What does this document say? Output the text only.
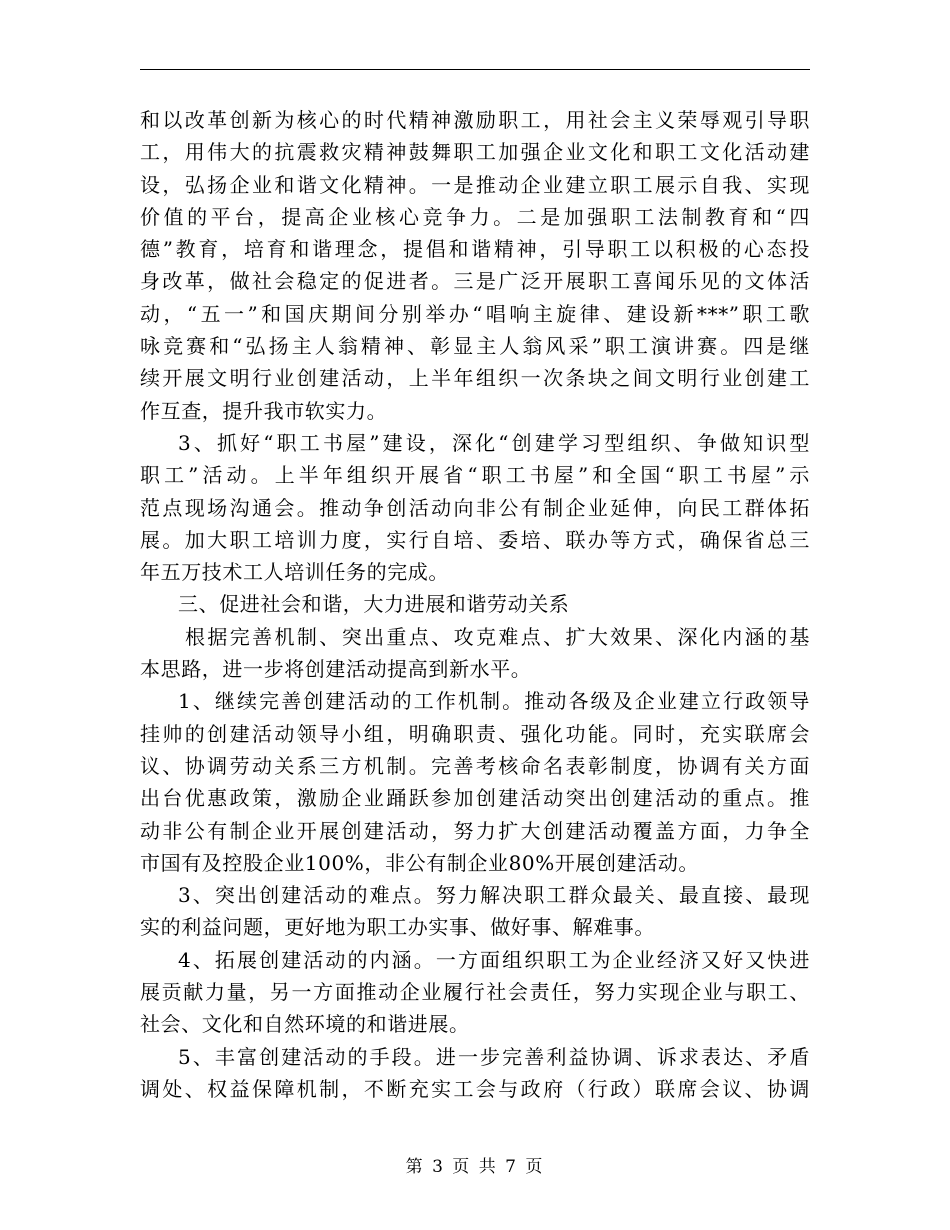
和以改革创新为核心的时代精神激励职工，用社会主义荣辱观引导职
工，用伟大的抗震救灾精神鼓舞职工加强企业文化和职工文化活动建
设，弘扬企业和谐文化精神。一是推动企业建立职工展示自我、实现
价值的平台，提高企业核心竞争力。二是加强职工法制教育和“四
德”教育，培育和谐理念，提倡和谐精神，引导职工以积极的心态投
身改革，做社会稳定的促进者。三是广泛开展职工喜闻乐见的文体活
动，“五一”和国庆期间分别举办“唱响主旋律、建设新***”职工歌
咏竞赛和“弘扬主人翁精神、彰显主人翁风采”职工演讲赛。四是继
续开展文明行业创建活动，上半年组织一次条块之间文明行业创建工
作互查，提升我市软实力。
3、抓好“职工书屋”建设，深化“创建学习型组织、争做知识型
职工”活动。上半年组织开展省“职工书屋”和全国“职工书屋”示
范点现场沟通会。推动争创活动向非公有制企业延伸，向民工群体拓
展。加大职工培训力度，实行自培、委培、联办等方式，确保省总三
年五万技术工人培训任务的完成。
三、促进社会和谐，大力进展和谐劳动关系
根据完善机制、突出重点、攻克难点、扩大效果、深化内涵的基
本思路，进一步将创建活动提高到新水平。
1、继续完善创建活动的工作机制。推动各级及企业建立行政领导
挂帅的创建活动领导小组，明确职责、强化功能。同时，充实联席会
议、协调劳动关系三方机制。完善考核命名表彰制度，协调有关方面
出台优惠政策，激励企业踊跃参加创建活动突出创建活动的重点。推
动非公有制企业开展创建活动，努力扩大创建活动覆盖方面，力争全
市国有及控股企业100%，非公有制企业80%开展创建活动。
3、突出创建活动的难点。努力解决职工群众最关、最直接、最现
实的利益问题，更好地为职工办实事、做好事、解难事。
4、拓展创建活动的内涵。一方面组织职工为企业经济又好又快进
展贡献力量，另一方面推动企业履行社会责任，努力实现企业与职工、
社会、文化和自然环境的和谐进展。
5、丰富创建活动的手段。进一步完善利益协调、诉求表达、矛盾
调处、权益保障机制，不断充实工会与政府（行政）联席会议、协调
第 3 页 共 7 页
